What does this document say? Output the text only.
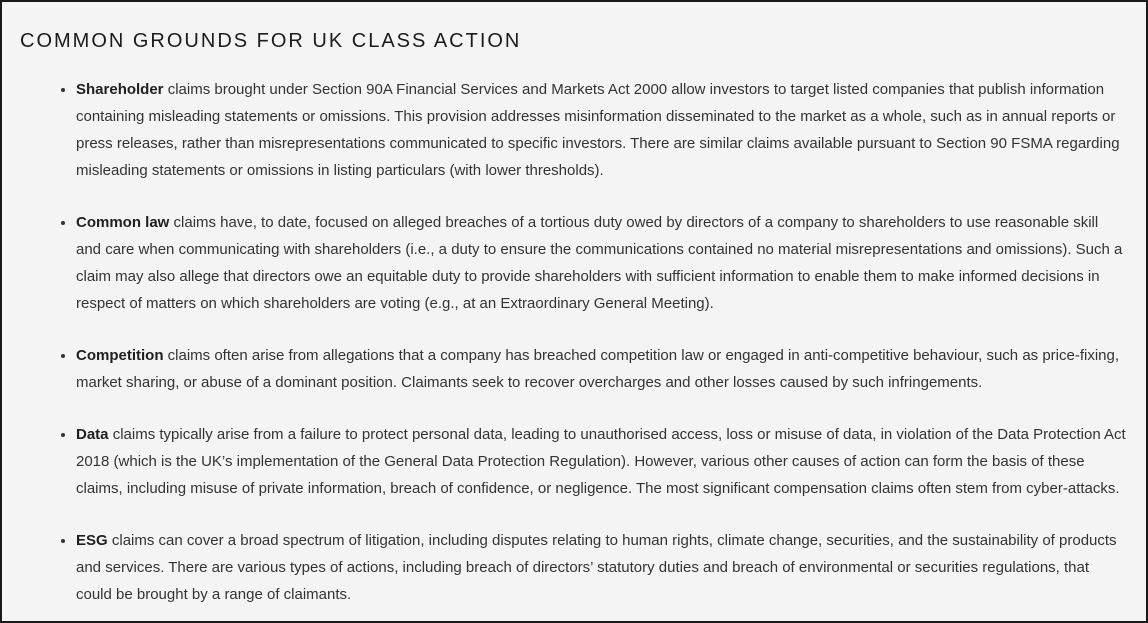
COMMON GROUNDS FOR UK CLASS ACTION
• Shareholder claims brought under Section 90A Financial Services and Markets Act 2000 allow investors to target listed companies that publish information containing misleading statements or omissions. This provision addresses misinformation disseminated to the market as a whole, such as in annual reports or press releases, rather than misrepresentations communicated to specific investors. There are similar claims available pursuant to Section 90 FSMA regarding misleading statements or omissions in listing particulars (with lower thresholds).
• Common law claims have, to date, focused on alleged breaches of a tortious duty owed by directors of a company to shareholders to use reasonable skill and care when communicating with shareholders (i.e., a duty to ensure the communications contained no material misrepresentations and omissions). Such a claim may also allege that directors owe an equitable duty to provide shareholders with sufficient information to enable them to make informed decisions in respect of matters on which shareholders are voting (e.g., at an Extraordinary General Meeting).
• Competition claims often arise from allegations that a company has breached competition law or engaged in anti-competitive behaviour, such as price-fixing, market sharing, or abuse of a dominant position. Claimants seek to recover overcharges and other losses caused by such infringements.
• Data claims typically arise from a failure to protect personal data, leading to unauthorised access, loss or misuse of data, in violation of the Data Protection Act 2018 (which is the UK’s implementation of the General Data Protection Regulation). However, various other causes of action can form the basis of these claims, including misuse of private information, breach of confidence, or negligence. The most significant compensation claims often stem from cyber-attacks.
• ESG claims can cover a broad spectrum of litigation, including disputes relating to human rights, climate change, securities, and the sustainability of products and services. There are various types of actions, including breach of directors’ statutory duties and breach of environmental or securities regulations, that could be brought by a range of claimants.
